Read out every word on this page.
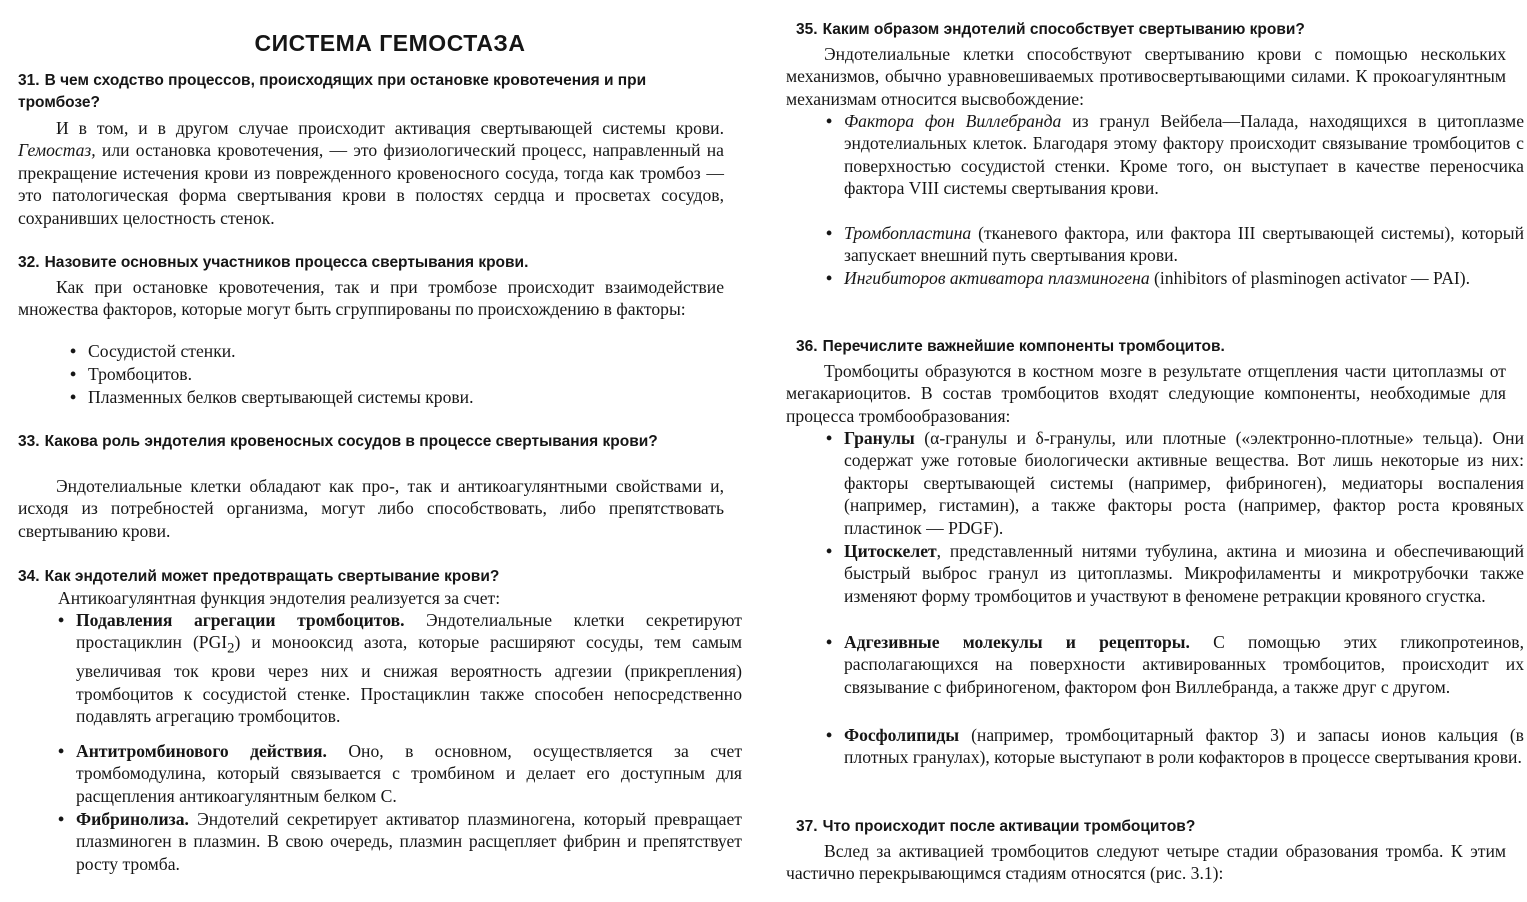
СИСТЕМА ГЕМОСТАЗА

31. В чем сходство процессов, происходящих при остановке кровотечения и при тромбозе?

И в том, и в другом случае происходит активация свертывающей системы крови. Гемостаз, или остановка кровотечения, — это физиологический процесс, направленный на прекращение истечения крови из поврежденного кровеносного сосуда, тогда как тромбоз — это патологическая форма свертывания крови в полостях сердца и просветах сосудов, сохранивших целостность стенок.

32. Назовите основных участников процесса свертывания крови.

Как при остановке кровотечения, так и при тромбозе происходит взаимодействие множества факторов, которые могут быть сгруппированы по происхождению в факторы:

• Сосудистой стенки.

• Тромбоцитов.

• Плазменных белков свертывающей системы крови.

33. Какова роль эндотелия кровеносных сосудов в процессе свертывания крови?

Эндотелиальные клетки обладают как про-, так и антикоагулянтными свойствами и, исходя из потребностей организма, могут либо способствовать, либо препятствовать свертыванию крови.

34. Как эндотелий может предотвращать свертывание крови?

Антикоагулянтная функция эндотелия реализуется за счет:

• Подавления агрегации тромбоцитов. Эндотелиальные клетки секретируют простациклин $(PGI_2)$ и монооксид азота, которые расширяют сосуды, тем самым увеличивая ток крови через них и снижая вероятность адгезии (прикрепления) тромбоцитов к сосудистой стенке. Простациклин также способен непосредственно подавлять агрегацию тромбоцитов.

• Антитромбинового действия. Оно, в основном, осуществляется за счет тромбомодулина, который связывается с тромбином и делает его доступным для расщепления антикоагулянтным белком С.

• Фибринолиза. Эндотелий секретирует активатор плазминогена, который превращает плазминоген в плазмин. В свою очередь, плазмин расщепляет фибрин и препятствует росту тромба.

35. Каким образом эндотелий способствует свертыванию крови?

Эндотелиальные клетки способствуют свертыванию крови с помощью нескольких механизмов, обычно уравновешиваемых противосвертывающими силами. К прокоагулянтным механизмам относится высвобождение:

• Фактора фон Виллебранда из гранул Вейбела—Палада, находящихся в цитоплазме эндотелиальных клеток. Благодаря этому фактору происходит связывание тромбоцитов с поверхностью сосудистой стенки. Кроме того, он выступает в качестве переносчика фактора VIII системы свертывания крови.

• Тромбопластина (тканевого фактора, или фактора III свертывающей системы), который запускает внешний путь свертывания крови.

• Ингибиторов активатора плазминогена (inhibitors of plasminogen activator — PAI).

36. Перечислите важнейшие компоненты тромбоцитов.

Тромбоциты образуются в костном мозге в результате отщепления части цитоплазмы от мегакариоцитов. В состав тромбоцитов входят следующие компоненты, необходимые для процесса тромбообразования:

• Гранулы (α-гранулы и δ-гранулы, или плотные («электронно-плотные» тельца). Они содержат уже готовые биологически активные вещества. Вот лишь некоторые из них: факторы свертывающей системы (например, фибриноген), медиаторы воспаления (например, гистамин), а также факторы роста (например, фактор роста кровяных пластинок — PDGF).

• Цитоскелет, представленный нитями тубулина, актина и миозина и обеспечивающий быстрый выброс гранул из цитоплазмы. Микрофиламенты и микротрубочки также изменяют форму тромбоцитов и участвуют в феномене ретракции кровяного сгустка.

• Адгезивные молекулы и рецепторы. С помощью этих гликопротеинов, располагающихся на поверхности активированных тромбоцитов, происходит их связывание с фибриногеном, фактором фон Виллебранда, а также друг с другом.

• Фосфолипиды (например, тромбоцитарный фактор 3) и запасы ионов кальция (в плотных гранулах), которые выступают в роли кофакторов в процессе свертывания крови.

37. Что происходит после активации тромбоцитов?

Вслед за активацией тромбоцитов следуют четыре стадии образования тромба. К этим частично перекрывающимся стадиям относятся (рис. 3.1):
